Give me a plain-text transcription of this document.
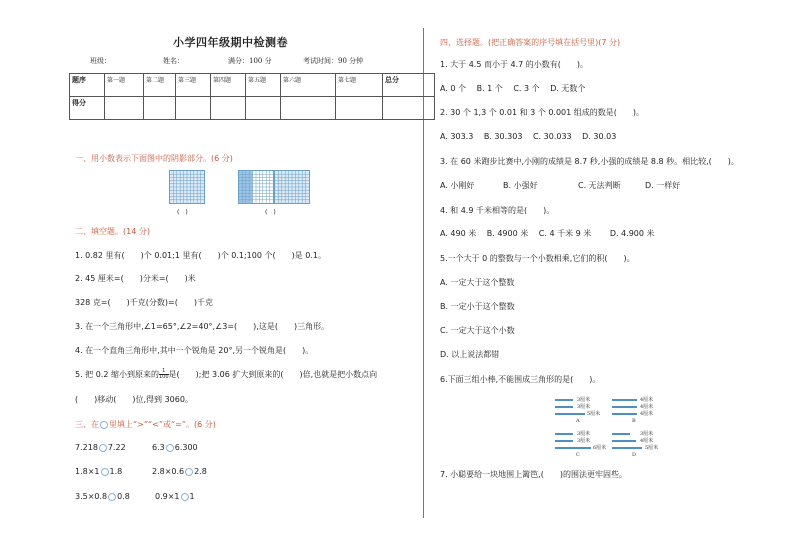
小学四年级期中检测卷
班级：	姓名：	满分：100 分	考试时间：90 分钟
题序	第一题	第二题	第三题	第四题	第五题	第六题	第七题	总分
得分								
一、用小数表示下面图中的阴影部分。(6 分)
(　)	(　)
二、填空题。(14 分)
1. 0.82 里有(　　)个 0.01;1 里有(　　)个 0.1;100 个(　　)是 0.1。
2. 45 厘米=(　　)分米=(　　)米
328 克=(　　)千克(分数)=(　　)千克
3. 在一个三角形中,∠1=65°,∠2=40°,∠3=(　　),这是(　　)三角形。
4. 在一个直角三角形中,其中一个锐角是 20°,另一个锐角是(　　)。
5. 把 0.2 缩小到原来的 $\frac{1}{100}$ 是(　　);把 3.06 扩大到原来的(　　)倍,也就是把小数点向
(　　)移动(　　)位,得到 3060。
三、在 里填上“>”“<”或“=”。(6 分)
7.218 7.22	6.3 6.300
1.8×1 1.8	2.8×0.6 2.8
3.5×0.8 0.8	0.9×1 1
四、选择题。(把正确答案的序号填在括号里)(7 分)
1. 大于 4.5 而小于 4.7 的小数有(　　)。
A. 0 个　 B. 1 个　 C. 3 个　 D. 无数个
2. 30 个 1,3 个 0.01 和 3 个 0.001 组成的数是(　　)。
A. 303.3　 B. 30.303　 C. 30.033　 D. 30.03
3. 在 60 米跑步比赛中,小刚的成绩是 8.7 秒,小强的成绩是 8.8 秒。相比较,(　　)。
A. 小刚好	B. 小强好	C. 无法判断	D. 一样好
4. 和 4.9 千米相等的是(　　)。
A. 490 米　 B. 4900 米　 C. 4 千米 9 米　　 D. 4.900 米
5.一个大于 0 的整数与一个小数相乘,它们的积(　　)。
A. 一定大于这个整数
B. 一定小于这个整数
C. 一定大于这个小数
D. 以上说法都错
6.下面三组小棒,不能围成三角形的是(　　)。
3厘米
3厘米
5厘米
A
4厘米
4厘米
4厘米
B
3厘米
3厘米
6厘米
C
3厘米
4厘米
5厘米
D
7. 小聪要给一块地围上篱笆,(　　)的围法更牢固些。
